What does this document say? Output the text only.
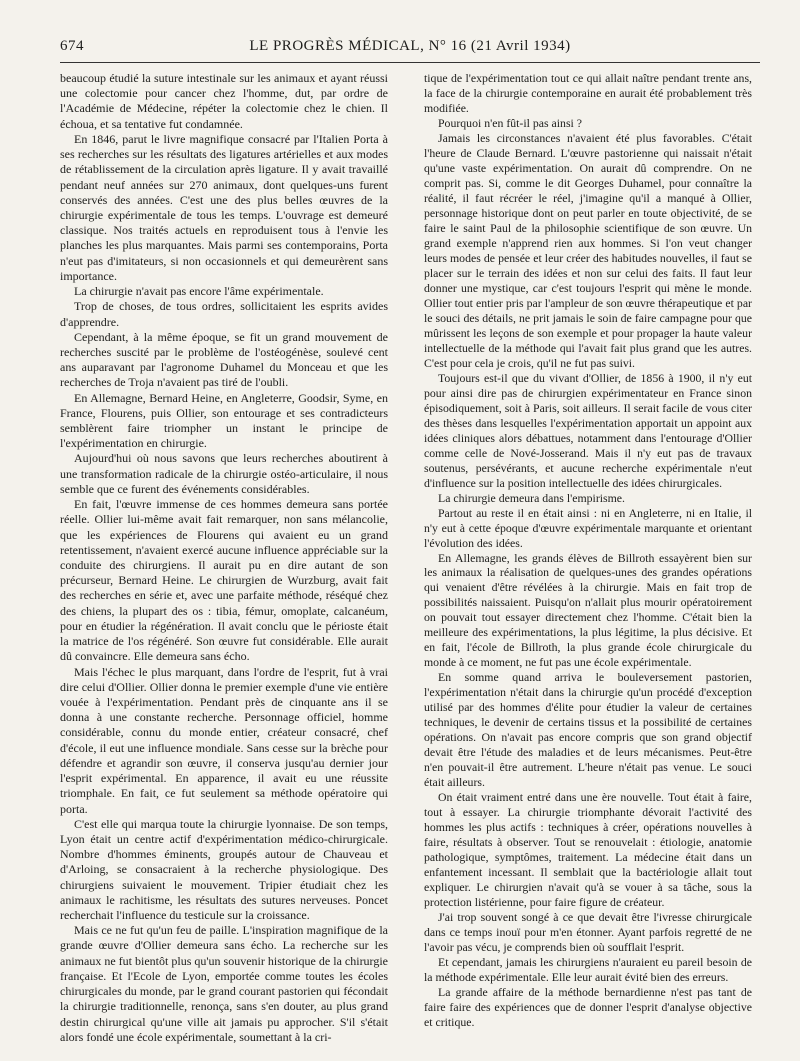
674	LE PROGRÈS MÉDICAL, N° 16 (21 Avril 1934)

beaucoup étudié la suture intestinale sur les animaux et ayant réussi une colectomie pour cancer chez l'homme, dut, par ordre de l'Académie de Médecine, répéter la colectomie chez le chien. Il échoua, et sa tentative fut condamnée.

En 1846, parut le livre magnifique consacré par l'Italien Porta à ses recherches sur les résultats des ligatures artérielles et aux modes de rétablissement de la circulation après ligature. Il y avait travaillé pendant neuf années sur 270 animaux, dont quelques-uns furent conservés des années. C'est une des plus belles œuvres de la chirurgie expérimentale de tous les temps. L'ouvrage est demeuré classique. Nos traités actuels en reproduisent tous à l'envie les planches les plus marquantes. Mais parmi ses contemporains, Porta n'eut pas d'imitateurs, si non occasionnels et qui demeurèrent sans importance.

La chirurgie n'avait pas encore l'âme expérimentale.

Trop de choses, de tous ordres, sollicitaient les esprits avides d'apprendre.

Cependant, à la même époque, se fit un grand mouvement de recherches suscité par le problème de l'ostéogénèse, soulevé cent ans auparavant par l'agronome Duhamel du Monceau et que les recherches de Troja n'avaient pas tiré de l'oubli.

En Allemagne, Bernard Heine, en Angleterre, Goodsir, Syme, en France, Flourens, puis Ollier, son entourage et ses contradicteurs semblèrent faire triompher un instant le principe de l'expérimentation en chirurgie.

Aujourd'hui où nous savons que leurs recherches aboutirent à une transformation radicale de la chirurgie ostéo-articulaire, il nous semble que ce furent des événements considérables.

En fait, l'œuvre immense de ces hommes demeura sans portée réelle. Ollier lui-même avait fait remarquer, non sans mélancolie, que les expériences de Flourens qui avaient eu un grand retentissement, n'avaient exercé aucune influence appréciable sur la conduite des chirurgiens. Il aurait pu en dire autant de son précurseur, Bernard Heine. Le chirurgien de Wurzburg, avait fait des recherches en série et, avec une parfaite méthode, réséqué chez des chiens, la plupart des os : tibia, fémur, omoplate, calcanéum, pour en étudier la régénération. Il avait conclu que le périoste était la matrice de l'os régénéré. Son œuvre fut considérable. Elle aurait dû convaincre. Elle demeura sans écho.

Mais l'échec le plus marquant, dans l'ordre de l'esprit, fut à vrai dire celui d'Ollier. Ollier donna le premier exemple d'une vie entière vouée à l'expérimentation. Pendant près de cinquante ans il se donna à une constante recherche. Personnage officiel, homme considérable, connu du monde entier, créateur consacré, chef d'école, il eut une influence mondiale. Sans cesse sur la brèche pour défendre et agrandir son œuvre, il conserva jusqu'au dernier jour l'esprit expérimental. En apparence, il avait eu une réussite triomphale. En fait, ce fut seulement sa méthode opératoire qui porta.

C'est elle qui marqua toute la chirurgie lyonnaise. De son temps, Lyon était un centre actif d'expérimentation médico-chirurgicale. Nombre d'hommes éminents, groupés autour de Chauveau et d'Arloing, se consacraient à la recherche physiologique. Des chirurgiens suivaient le mouvement. Tripier étudiait chez les animaux le rachitisme, les résultats des sutures nerveuses. Poncet recherchait l'influence du testicule sur la croissance.

Mais ce ne fut qu'un feu de paille. L'inspiration magnifique de la grande œuvre d'Ollier demeura sans écho. La recherche sur les animaux ne fut bientôt plus qu'un souvenir historique de la chirurgie française. Et l'Ecole de Lyon, emportée comme toutes les écoles chirurgicales du monde, par le grand courant pastorien qui fécondait la chirurgie traditionnelle, renonça, sans s'en douter, au plus grand destin chirurgical qu'une ville ait jamais pu approcher. S'il s'était alors fondé une école expérimentale, soumettant à la cri-

tique de l'expérimentation tout ce qui allait naître pendant trente ans, la face de la chirurgie contemporaine en aurait été probablement très modifiée.

Pourquoi n'en fût-il pas ainsi ?

Jamais les circonstances n'avaient été plus favorables. C'était l'heure de Claude Bernard. L'œuvre pastorienne qui naissait n'était qu'une vaste expérimentation. On aurait dû comprendre. On ne comprit pas. Si, comme le dit Georges Duhamel, pour connaître la réalité, il faut récréer le réel, j'imagine qu'il a manqué à Ollier, personnage historique dont on peut parler en toute objectivité, de se faire le saint Paul de la philosophie scientifique de son œuvre. Un grand exemple n'apprend rien aux hommes. Si l'on veut changer leurs modes de pensée et leur créer des habitudes nouvelles, il faut se placer sur le terrain des idées et non sur celui des faits. Il faut leur donner une mystique, car c'est toujours l'esprit qui mène le monde. Ollier tout entier pris par l'ampleur de son œuvre thérapeutique et par le souci des détails, ne prit jamais le soin de faire campagne pour que mûrissent les leçons de son exemple et pour propager la haute valeur intellectuelle de la méthode qui l'avait fait plus grand que les autres. C'est pour cela je crois, qu'il ne fut pas suivi.

Toujours est-il que du vivant d'Ollier, de 1856 à 1900, il n'y eut pour ainsi dire pas de chirurgien expérimentateur en France sinon épisodiquement, soit à Paris, soit ailleurs. Il serait facile de vous citer des thèses dans lesquelles l'expérimentation apportait un appoint aux idées cliniques alors débattues, notamment dans l'entourage d'Ollier comme celle de Nové-Josserand. Mais il n'y eut pas de travaux soutenus, persévérants, et aucune recherche expérimentale n'eut d'influence sur la position intellectuelle des idées chirurgicales.

La chirurgie demeura dans l'empirisme.

Partout au reste il en était ainsi : ni en Angleterre, ni en Italie, il n'y eut à cette époque d'œuvre expérimentale marquante et orientant l'évolution des idées.

En Allemagne, les grands élèves de Billroth essayèrent bien sur les animaux la réalisation de quelques-unes des grandes opérations qui venaient d'être révélées à la chirurgie. Mais en fait trop de possibilités naissaient. Puisqu'on n'allait plus mourir opératoirement on pouvait tout essayer directement chez l'homme. C'était bien la meilleure des expérimentations, la plus légitime, la plus décisive. Et en fait, l'école de Billroth, la plus grande école chirurgicale du monde à ce moment, ne fut pas une école expérimentale.

En somme quand arriva le bouleversement pastorien, l'expérimentation n'était dans la chirurgie qu'un procédé d'exception utilisé par des hommes d'élite pour étudier la valeur de certaines techniques, le devenir de certains tissus et la possibilité de certaines opérations. On n'avait pas encore compris que son grand objectif devait être l'étude des maladies et de leurs mécanismes. Peut-être n'en pouvait-il être autrement. L'heure n'était pas venue. Le souci était ailleurs.

On était vraiment entré dans une ère nouvelle. Tout était à faire, tout à essayer. La chirurgie triomphante dévorait l'activité des hommes les plus actifs : techniques à créer, opérations nouvelles à faire, résultats à observer. Tout se renouvelait : étiologie, anatomie pathologique, symptômes, traitement. La médecine était dans un enfantement incessant. Il semblait que la bactériologie allait tout expliquer. Le chirurgien n'avait qu'à se vouer à sa tâche, sous la protection listérienne, pour faire figure de créateur.

J'ai trop souvent songé à ce que devait être l'ivresse chirurgicale dans ce temps inouï pour m'en étonner. Ayant parfois regretté de ne l'avoir pas vécu, je comprends bien où soufflait l'esprit.

Et cependant, jamais les chirurgiens n'auraient eu pareil besoin de la méthode expérimentale. Elle leur aurait évité bien des erreurs.

La grande affaire de la méthode bernardienne n'est pas tant de faire faire des expériences que de donner l'esprit d'analyse objective et critique.
